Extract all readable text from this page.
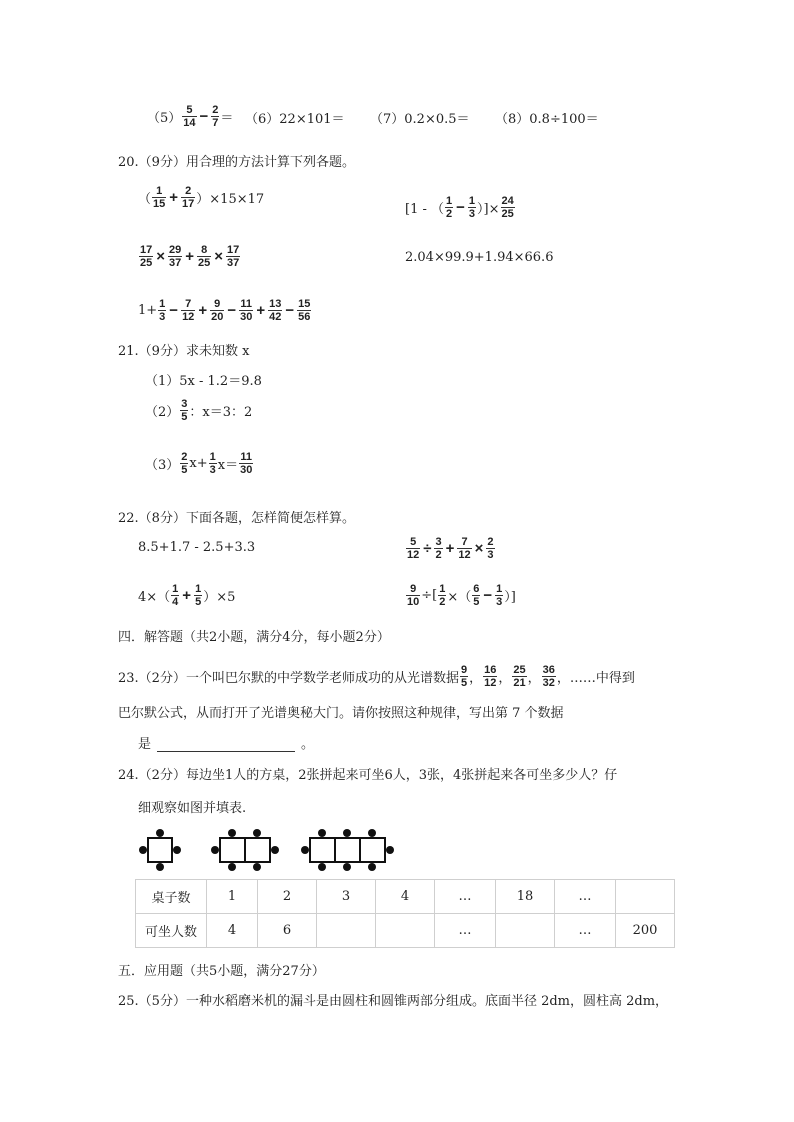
$(5) \frac{5}{14} - \frac{2}{7} = (6)22\times 101= (7)0.2\times 0.5= (8)0.8\div 100=$
20.（9分）用合理的方法计算下列各题。
（ $\frac{1}{15} + \frac{2}{17} )\times 15\times 17$
[1 - （ $\frac{1}{2} - \frac{1}{3}$ ）]× $\frac{24}{25}$
$\frac{17}{25} \times \frac{29}{37} + \frac{8}{25} \times \frac{17}{37}$	2.04×99.9+1.94×66.6
$1+ \frac{1}{3} - \frac{7}{12} + \frac{9}{20} - \frac{11}{30} + \frac{13}{42} - \frac{15}{56}$
21.（9分）求未知数 x
（1）5x - 1.2＝9.8
$(2) \frac{3}{5}$ ：x＝3：2
$(3) \frac{2}{5} x+ \frac{1}{3} x= \frac{11}{30}$
22.（8分）下面各题，怎样简便怎样算。
8.5+1.7 - 2.5+3.3	$\frac{5}{12} \div \frac{3}{2} + \frac{7}{12} \times \frac{2}{3}$
$4\times( \frac{1}{4} + \frac{1}{5} )\times 5$	$\frac{9}{10}$ ÷[ $\frac{1}{2}$ ×（ $\frac{6}{5} - \frac{1}{3}$ ）]
四．解答题（共2小题，满分4分，每小题2分）
23.（2分）一个叫巴尔默的中学数学老师成功的从光谱数据 $\frac{9}{5}$ ， $\frac{16}{12}$ ， $\frac{25}{21}$ ， $\frac{36}{32}$ ，……中得到
巴尔默公式，从而打开了光谱奥秘大门。请你按照这种规律，写出第 7 个数据
是	。
24.（2分）每边坐1人的方桌，2张拼起来可坐6人，3张，4张拼起来各可坐多少人？仔
细观察如图并填表.
桌子数	1	2	3	4	…	18	…	
可坐人数	4	6			…		…	200
五．应用题（共5小题，满分27分）
25.（5分）一种水稻磨米机的漏斗是由圆柱和圆锥两部分组成。底面半径 2dm，圆柱高 2dm，
